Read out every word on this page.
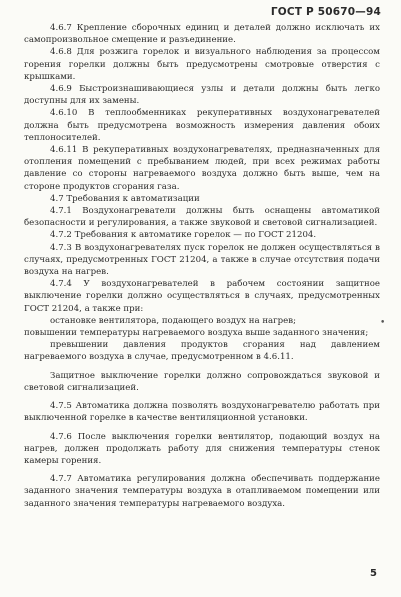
ГОСТ Р 50670—94

4.6.7 Крепление сборочных единиц и деталей должно исключать их самопроизвольное смещение и разъединение.

4.6.8 Для розжига горелок и визуального наблюдения за процессом горения горелки должны быть предусмотрены смотровые отверстия с крышками.

4.6.9 Быстроизнашивающиеся узлы и детали должны быть легко доступны для их замены.

4.6.10 В теплообменниках рекуперативных воздухонагревателей должна быть предусмотрена возможность измерения давления обоих теплоносителей.

4.6.11 В рекуперативных воздухонагревателях, предназначенных для отопления помещений с пребыванием людей, при всех режимах работы давление со стороны нагреваемого воздуха должно быть выше, чем на стороне продуктов сгорания газа.

4.7 Требования к автоматизации

4.7.1 Воздухонагреватели должны быть оснащены автоматикой безопасности и регулирования, а также звуковой и световой сигнализацией.

4.7.2 Требования к автоматике горелок — по ГОСТ 21204.

4.7.3 В воздухонагревателях пуск горелок не должен осуществляться в случаях, предусмотренных ГОСТ 21204, а также в случае отсутствия подачи воздуха на нагрев.

4.7.4 У воздухонагревателей в рабочем состоянии защитное выключение горелки должно осуществляться в случаях, предусмотренных ГОСТ 21204, а также при:

остановке вентилятора, подающего воздух на нагрев;

повышении температуры нагреваемого воздуха выше заданного значения;

превышении давления продуктов сгорания над давлением нагреваемого воздуха в случае, предусмотренном в 4.6.11.

Защитное выключение горелки должно сопровождаться звуковой и световой сигнализацией.

4.7.5 Автоматика должна позволять воздухонагревателю работать при выключенной горелке в качестве вентиляционной установки.

4.7.6 После выключения горелки вентилятор, подающий воздух на нагрев, должен продолжать работу для снижения температуры стенок камеры горения.

4.7.7 Автоматика регулирования должна обеспечивать поддержание заданного значения температуры воздуха в отапливаемом помещении или заданного значения температуры нагреваемого воздуха.

•
5
